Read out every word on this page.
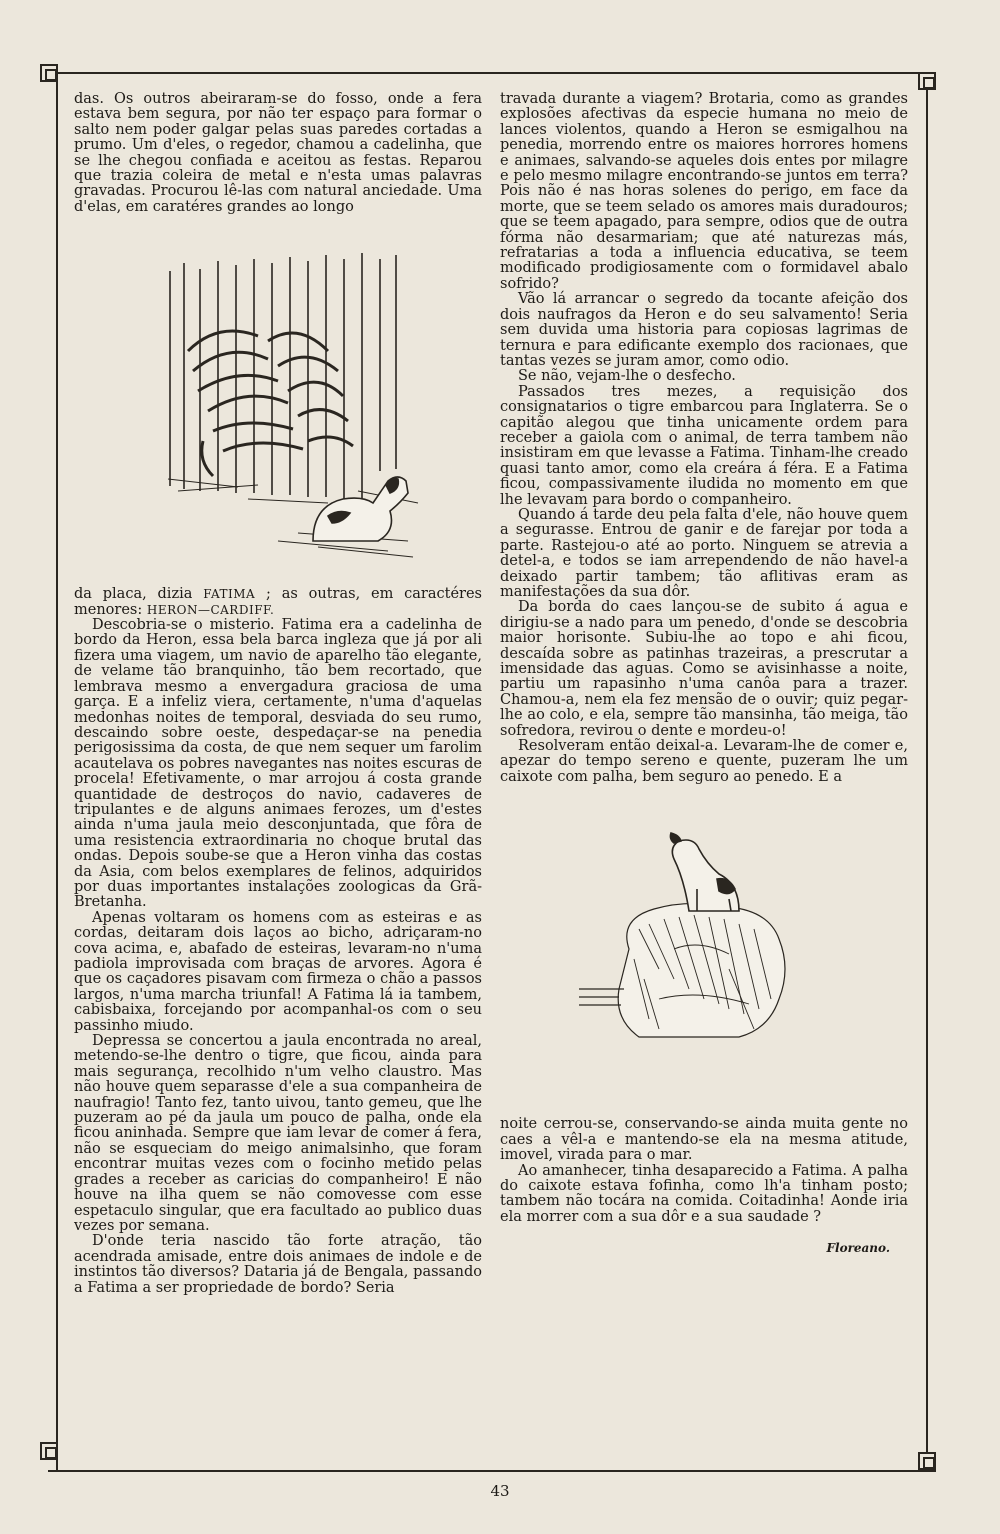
das. Os outros abeiraram-se do fosso, onde a fera estava bem segura, por não ter espaço para formar o salto nem poder galgar pelas suas paredes cortadas a prumo. Um d'eles, o regedor, chamou a cadelinha, que se lhe chegou confiada e aceitou as festas. Reparou que trazia coleira de metal e n'esta umas palavras gravadas. Procurou lê-las com natural anciedade. Uma d'elas, em caratéres grandes ao longo

da placa, dizia FATIMA ; as outras, em caractéres menores: HERON—CARDIFF.

Descobria-se o misterio. Fatima era a cadelinha de bordo da Heron, essa bela barca ingleza que já por ali fizera uma viagem, um navio de aparelho tão elegante, de velame tão branquinho, tão bem recortado, que lembrava mesmo a envergadura graciosa de uma garça. E a infeliz viera, certamente, n'uma d'aquelas medonhas noites de temporal, desviada do seu rumo, descaindo sobre oeste, despedaçar-se na penedia perigosissima da costa, de que nem sequer um farolim acautelava os pobres navegantes nas noites escuras de procela! Efetivamente, o mar arrojou á costa grande quantidade de destroços do navio, cadaveres de tripulantes e de alguns animaes ferozes, um d'estes ainda n'uma jaula meio desconjuntada, que fôra de uma resistencia extraordinaria no choque brutal das ondas. Depois soube-se que a Heron vinha das costas da Asia, com belos exemplares de felinos, adquiridos por duas importantes instalações zoologicas da Grã-Bretanha.

Apenas voltaram os homens com as esteiras e as cordas, deitaram dois laços ao bicho, adriçaram-no cova acima, e, abafado de esteiras, levaram-no n'uma padiola improvisada com braças de arvores. Agora é que os caçadores pisavam com firmeza o chão a passos largos, n'uma marcha triunfal! A Fatima lá ia tambem, cabisbaixa, forcejando por acompanhal-os com o seu passinho miudo.

Depressa se concertou a jaula encontrada no areal, metendo-se-lhe dentro o tigre, que ficou, ainda para mais segurança, recolhido n'um velho claustro. Mas não houve quem separasse d'ele a sua companheira de naufragio! Tanto fez, tanto uivou, tanto gemeu, que lhe puzeram ao pé da jaula um pouco de palha, onde ela ficou aninhada. Sempre que iam levar de comer á fera, não se esqueciam do meigo animalsinho, que foram encontrar muitas vezes com o focinho metido pelas grades a receber as caricias do companheiro! E não houve na ilha quem se não comovesse com esse espetaculo singular, que era facultado ao publico duas vezes por semana.

D'onde teria nascido tão forte atração, tão acendrada amisade, entre dois animaes de indole e de instintos tão diversos? Dataria já de Bengala, passando a Fatima a ser propriedade de bordo? Seria

travada durante a viagem? Brotaria, como as grandes explosões afectivas da especie humana no meio de lances violentos, quando a Heron se esmigalhou na penedia, morrendo entre os maiores horrores homens e animaes, salvando-se aqueles dois entes por milagre e pelo mesmo milagre encontrando-se juntos em terra? Pois não é nas horas solenes do perigo, em face da morte, que se teem selado os amores mais duradouros; que se teem apagado, para sempre, odios que de outra fórma não desarmariam; que até naturezas más, refratarias a toda a influencia educativa, se teem modificado prodigiosamente com o formidavel abalo sofrido?

Vão lá arrancar o segredo da tocante afeição dos dois naufragos da Heron e do seu salvamento! Seria sem duvida uma historia para copiosas lagrimas de ternura e para edificante exemplo dos racionaes, que tantas vezes se juram amor, como odio.

Se não, vejam-lhe o desfecho.

Passados tres mezes, a requisição dos consignatarios o tigre embarcou para Inglaterra. Se o capitão alegou que tinha unicamente ordem para receber a gaiola com o animal, de terra tambem não insistiram em que levasse a Fatima. Tinham-lhe creado quasi tanto amor, como ela creára á féra. E a Fatima ficou, compassivamente iludida no momento em que lhe levavam para bordo o companheiro.

Quando á tarde deu pela falta d'ele, não houve quem a segurasse. Entrou de ganir e de farejar por toda a parte. Rastejou-o até ao porto. Ninguem se atrevia a detel-a, e todos se iam arrependendo de não havel-a deixado partir tambem; tão aflitivas eram as manifestações da sua dôr.

Da borda do caes lançou-se de subito á agua e dirigiu-se a nado para um penedo, d'onde se descobria maior horisonte. Subiu-lhe ao topo e ahi ficou, descaída sobre as patinhas trazeiras, a prescrutar a imensidade das aguas. Como se avisinhasse a noite, partiu um rapasinho n'uma canôa para a trazer. Chamou-a, nem ela fez mensão de o ouvir; quiz pegar-lhe ao colo, e ela, sempre tão mansinha, tão meiga, tão sofredora, revirou o dente e mordeu-o!

Resolveram então deixal-a. Levaram-lhe de comer e, apezar do tempo sereno e quente, puzeram lhe um caixote com palha, bem seguro ao penedo. E a

noite cerrou-se, conservando-se ainda muita gente no caes a vêl-a e mantendo-se ela na mesma atitude, imovel, virada para o mar.

Ao amanhecer, tinha desaparecido a Fatima. A palha do caixote estava fofinha, como lh'a tinham posto; tambem não tocára na comida. Coitadinha! Aonde iria ela morrer com a sua dôr e a sua saudade ?

Floreano.
43
